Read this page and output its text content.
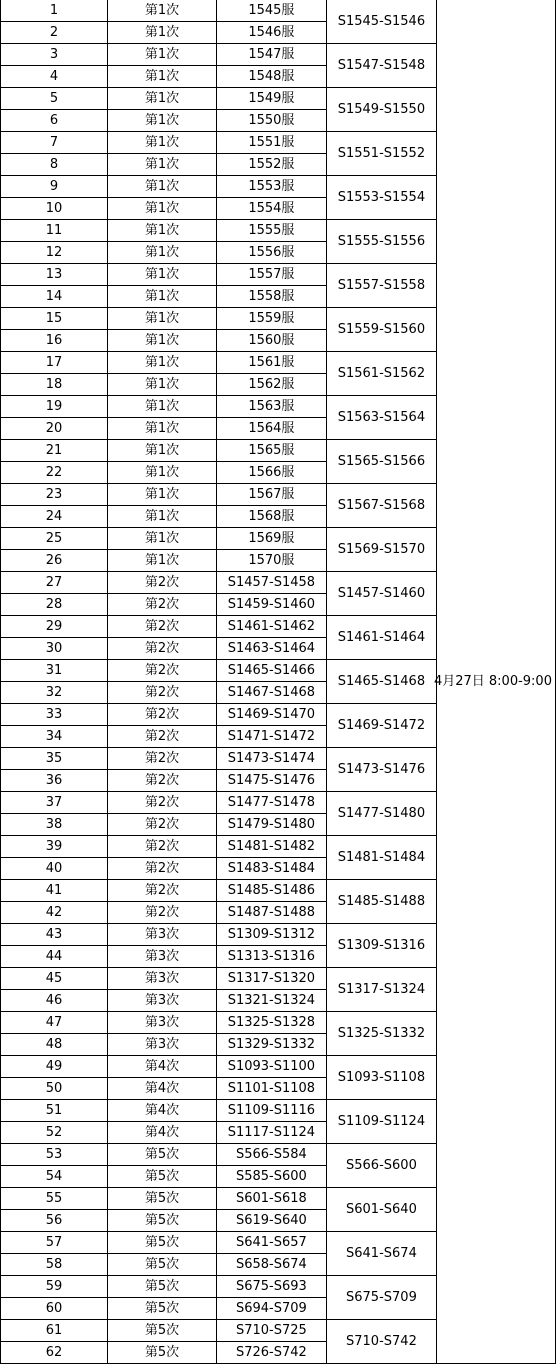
1	第1次	1545服	S1545-S1546	4月27日 8:00-9:00
2	第1次	1546服		
3	第1次	1547服	S1547-S1548	
4	第1次	1548服		
5	第1次	1549服	S1549-S1550	
6	第1次	1550服		
7	第1次	1551服	S1551-S1552	
8	第1次	1552服		
9	第1次	1553服	S1553-S1554	
10	第1次	1554服		
11	第1次	1555服	S1555-S1556	
12	第1次	1556服		
13	第1次	1557服	S1557-S1558	
14	第1次	1558服		
15	第1次	1559服	S1559-S1560	
16	第1次	1560服		
17	第1次	1561服	S1561-S1562	
18	第1次	1562服		
19	第1次	1563服	S1563-S1564	
20	第1次	1564服		
21	第1次	1565服	S1565-S1566	
22	第1次	1566服		
23	第1次	1567服	S1567-S1568	
24	第1次	1568服		
25	第1次	1569服	S1569-S1570	
26	第1次	1570服		
27	第2次	S1457-S1458	S1457-S1460	
28	第2次	S1459-S1460		
29	第2次	S1461-S1462	S1461-S1464	
30	第2次	S1463-S1464		
31	第2次	S1465-S1466	S1465-S1468	
32	第2次	S1467-S1468		
33	第2次	S1469-S1470	S1469-S1472	
34	第2次	S1471-S1472		
35	第2次	S1473-S1474	S1473-S1476	
36	第2次	S1475-S1476		
37	第2次	S1477-S1478	S1477-S1480	
38	第2次	S1479-S1480		
39	第2次	S1481-S1482	S1481-S1484	
40	第2次	S1483-S1484		
41	第2次	S1485-S1486	S1485-S1488	
42	第2次	S1487-S1488		
43	第3次	S1309-S1312	S1309-S1316	
44	第3次	S1313-S1316		
45	第3次	S1317-S1320	S1317-S1324	
46	第3次	S1321-S1324		
47	第3次	S1325-S1328	S1325-S1332	
48	第3次	S1329-S1332		
49	第4次	S1093-S1100	S1093-S1108	
50	第4次	S1101-S1108		
51	第4次	S1109-S1116	S1109-S1124	
52	第4次	S1117-S1124		
53	第5次	S566-S584	S566-S600	
54	第5次	S585-S600		
55	第5次	S601-S618	S601-S640	
56	第5次	S619-S640		
57	第5次	S641-S657	S641-S674	
58	第5次	S658-S674		
59	第5次	S675-S693	S675-S709	
60	第5次	S694-S709		
61	第5次	S710-S725	S710-S742	
62	第5次	S726-S742		
